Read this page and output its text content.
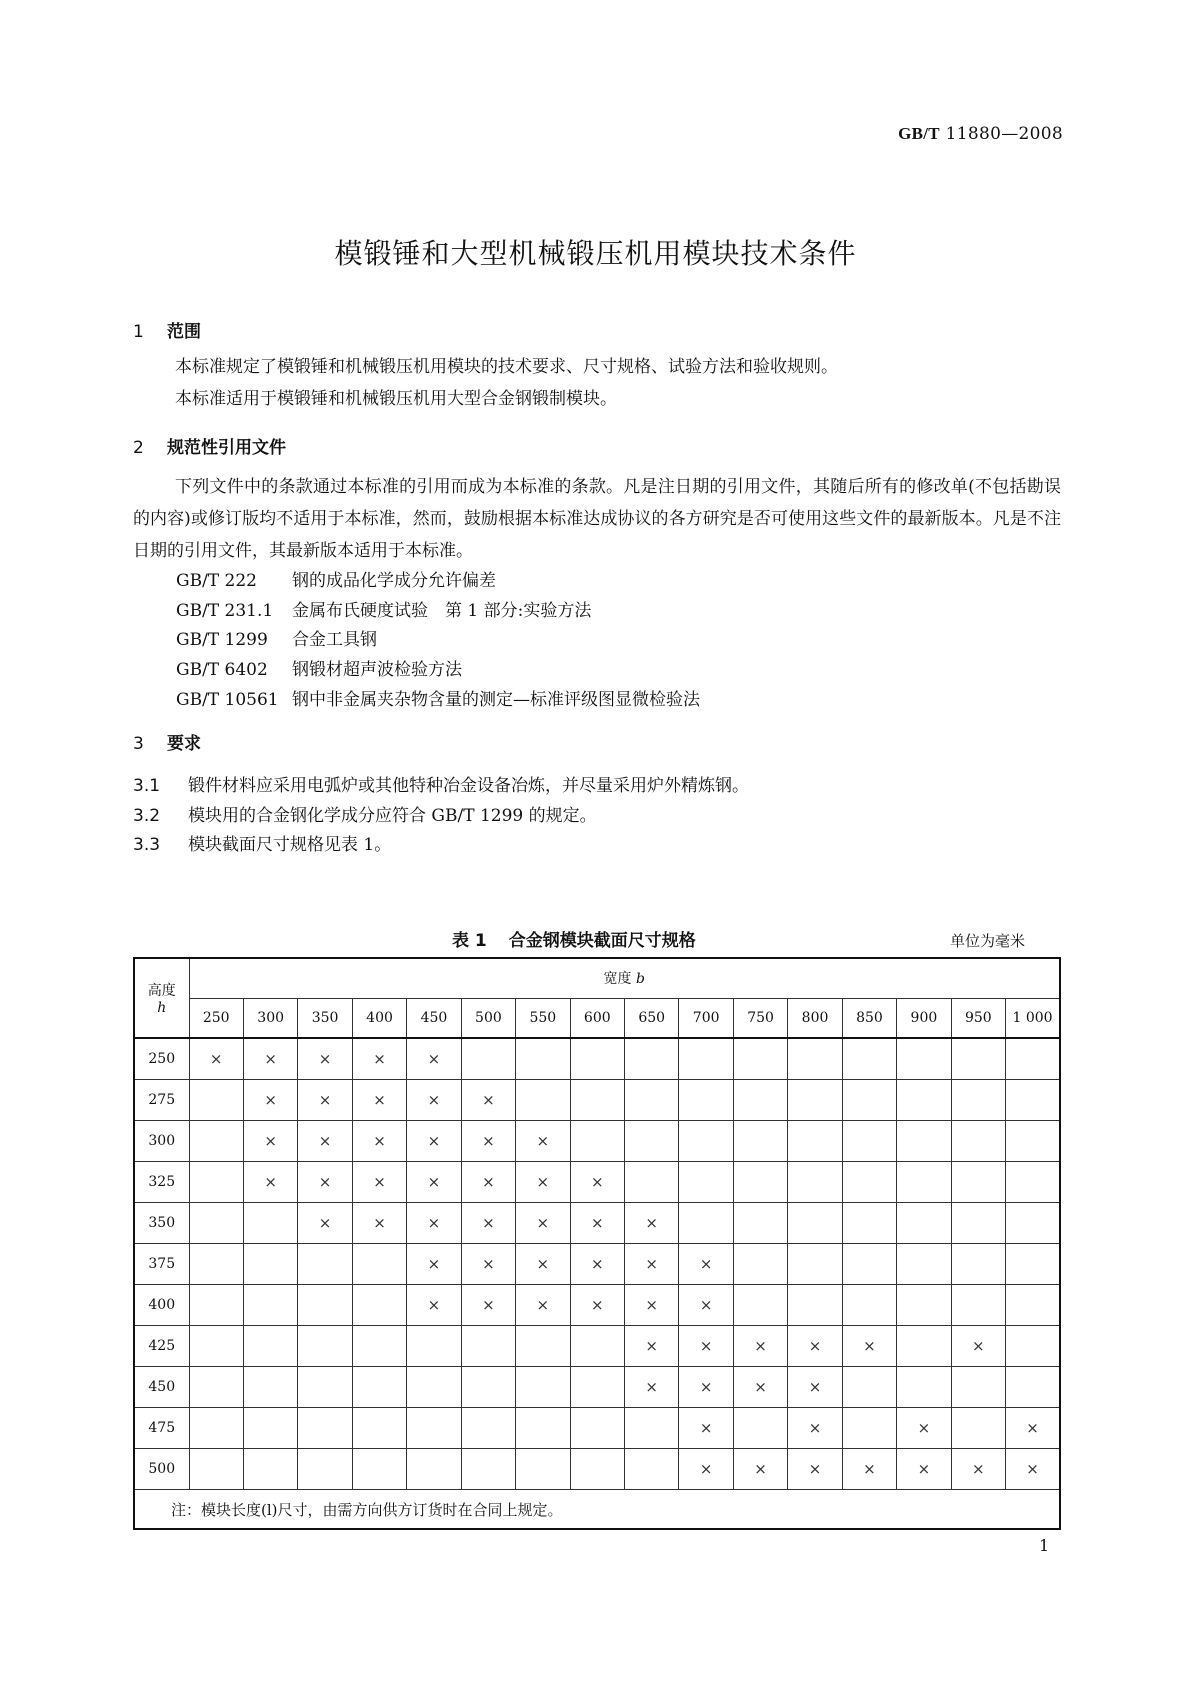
GB/T 11880—2008
模锻锤和大型机械锻压机用模块技术条件
1 范围

本标准规定了模锻锤和机械锻压机用模块的技术要求、尺寸规格、试验方法和验收规则。

本标准适用于模锻锤和机械锻压机用大型合金钢锻制模块。

2 规范性引用文件

下列文件中的条款通过本标准的引用而成为本标准的条款。凡是注日期的引用文件，其随后所有的修改单(不包括勘误的内容)或修订版均不适用于本标准，然而，鼓励根据本标准达成协议的各方研究是否可使用这些文件的最新版本。凡是不注日期的引用文件，其最新版本适用于本标准。

GB/T 222 钢的成品化学成分允许偏差
GB/T 231.1 金属布氏硬度试验　第 1 部分:实验方法
GB/T 1299 合金工具钢
GB/T 6402 钢锻材超声波检验方法
GB/T 10561 钢中非金属夹杂物含量的测定—标准评级图显微检验法
3 要求
3.1 锻件材料应采用电弧炉或其他特种冶金设备冶炼，并尽量采用炉外精炼钢。
3.2 模块用的合金钢化学成分应符合 GB/T 1299 的规定。
3.3 模块截面尺寸规格见表 1。
表 1 合金钢模块截面尺寸规格	单位为毫米
高度
h	宽度 b															
	250	300	350	400	450	500	550	600	650	700	750	800	850	900	950	1 000
250	×	×	×	×	×											
275		×	×	×	×	×										
300		×	×	×	×	×	×									
325		×	×	×	×	×	×	×								
350			×	×	×	×	×	×	×							
375					×	×	×	×	×	×						
400					×	×	×	×	×	×						
425									×	×	×	×	×		×	
450									×	×	×	×				
475										×		×		×		×
500										×	×	×	×	×	×	×
注：模块长度(l)尺寸，由需方向供方订货时在合同上规定。																
1
